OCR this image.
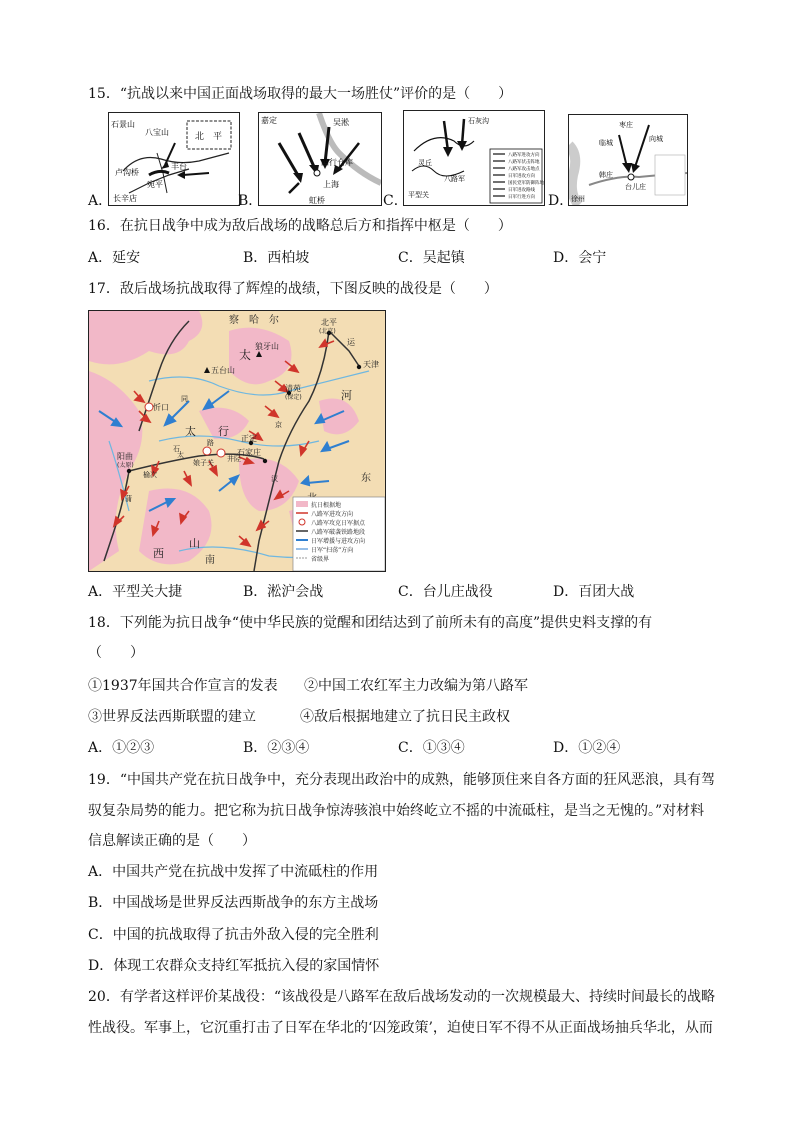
15．“抗战以来中国正面战场取得的最大一场胜仗”评价的是（　　）
石景山
八宝山	北　平
卢沟桥
宛平
丰台
长辛店
A．
嘉定	吴淞
四行仓库
上海
虹桥
B．
石灰沟
平型关
灵丘
八路军
八路军进攻方向
八路军伏击阵地
八路军攻击地点
日军进攻方向
国民党军防御阵地
日军进攻路线
日军行进方向
C．
枣庄
向城
临城
韩庄
台儿庄
徐州
D．
16．在抗日战争中成为敌后战场的战略总后方和指挥中枢是（　　）
A．延安	B．西柏坡	C．吴起镇	D．会宁
17．敌后战场抗战取得了辉煌的战绩，下图反映的战役是（　　）
察　哈　尔	北平
(北京)
狼牙山
五台山
天津
清苑
(保定)
忻口
正定
石家庄
娘子关 井陉
阳曲
(太原)
榆次
太　　行
山
河
西
南
东
太
运
同
蒲
京
汉
石
太
路
抗日根据地
八路军进攻方向
八路军攻克日军据点
八路军破袭铁路地段
日军增援与进攻方向
日军“扫荡”方向
省级界
A．平型关大捷	B．淞沪会战	C．台儿庄战役	D．百团大战
18．下列能为抗日战争“使中华民族的觉醒和团结达到了前所未有的高度”提供史料支撑的有
（　　）
①1937年国共合作宣言的发表 ②中国工农红军主力改编为第八路军
③世界反法西斯联盟的建立	④敌后根据地建立了抗日民主政权
A．①②③	B．②③④	C．①③④	D．①②④
19．“中国共产党在抗日战争中，充分表现出政治中的成熟，能够顶住来自各方面的狂风恶浪，具有驾
驭复杂局势的能力。把它称为抗日战争惊涛骇浪中始终屹立不摇的中流砥柱，是当之无愧的。”对材料
信息解读正确的是（　　）
A．中国共产党在抗战中发挥了中流砥柱的作用
B．中国战场是世界反法西斯战争的东方主战场
C．中国的抗战取得了抗击外敌入侵的完全胜利
D．体现工农群众支持红军抵抗入侵的家国情怀
20．有学者这样评价某战役：“该战役是八路军在敌后战场发动的一次规模最大、持续时间最长的战略
性战役。军事上，它沉重打击了日军在华北的‘囚笼政策’，迫使日军不得不从正面战场抽兵华北，从而
